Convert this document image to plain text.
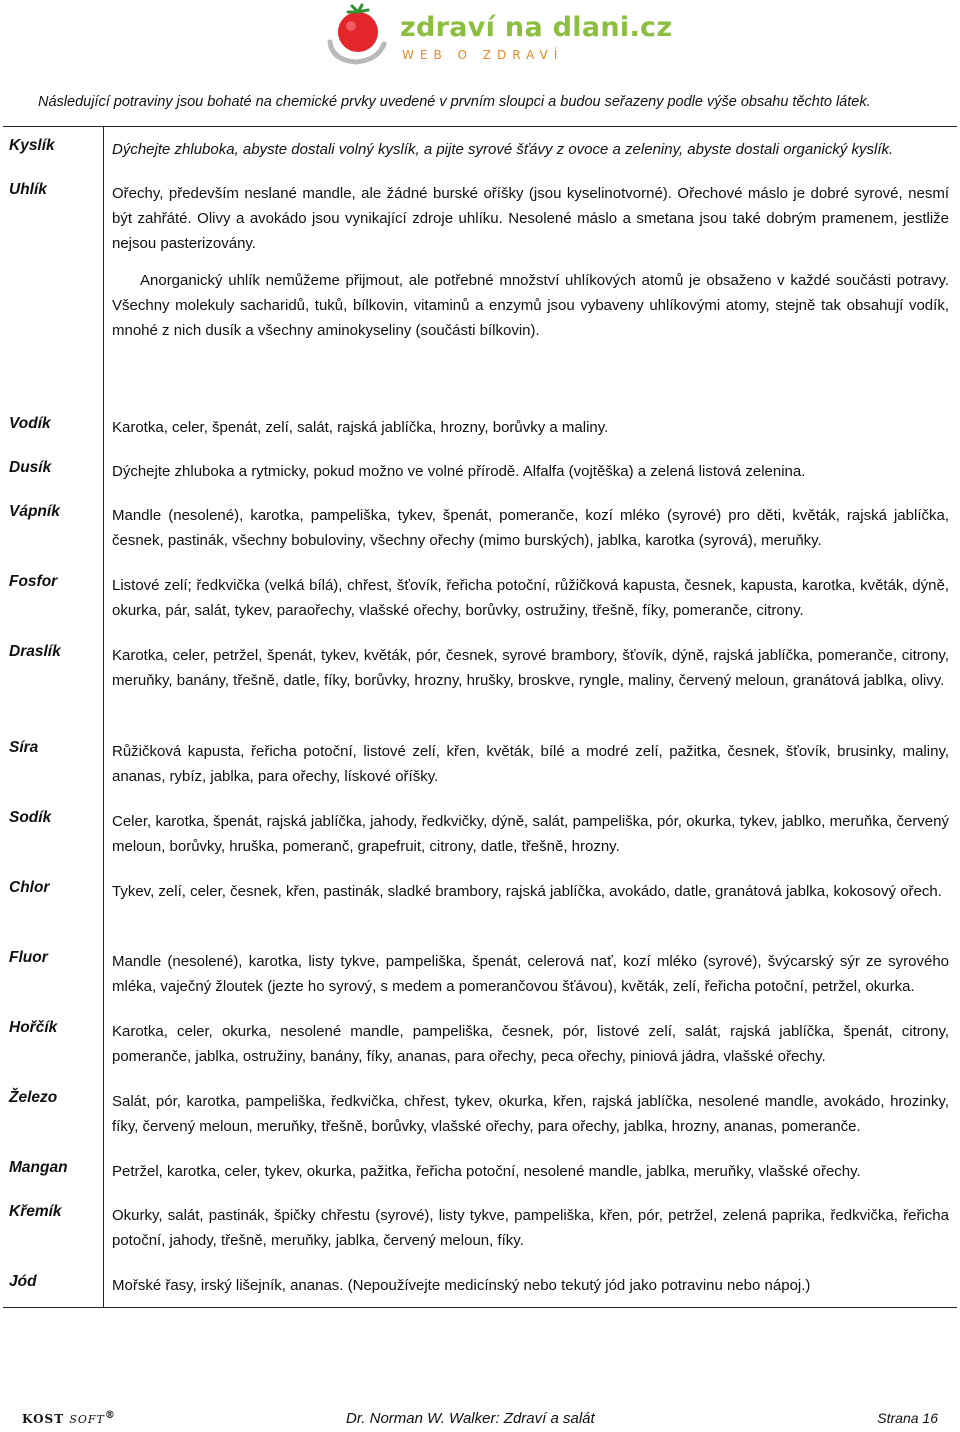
zdraví na dlani.cz
WEB O ZDRAVÍ
Následující potraviny jsou bohaté na chemické prvky uvedené v prvním sloupci a budou seřazeny podle výše obsahu těchto látek.
Kyslík	Dýchejte zhluboka, abyste dostali volný kyslík, a pijte syrové šťávy z ovoce a zeleniny, abyste dostali organický kyslík.
Uhlík	Ořechy, především neslané mandle, ale žádné burské oříšky (jsou kyselinotvorné). Ořechové máslo je dobré syrové, nesmí být zahřáté. Olivy a avokádo jsou vynikající zdroje uhlíku. Nesolené máslo a smetana jsou také dobrým pramenem, jestliže nejsou pasterizovány.

Anorganický uhlík nemůžeme přijmout, ale potřebné množství uhlíkových atomů je obsaženo v každé součásti potravy. Všechny molekuly sacharidů, tuků, bílkovin, vitaminů a enzymů jsou vybaveny uhlíkovými atomy, stejně tak obsahují vodík, mnohé z nich dusík a všechny aminokyseliny (součásti bílkovin).

Vodík	Karotka, celer, špenát, zelí, salát, rajská jablíčka, hrozny, borůvky a maliny.
Dusík	Dýchejte zhluboka a rytmicky, pokud možno ve volné přírodě. Alfalfa (vojtěška) a zelená listová zelenina.
Vápník	Mandle (nesolené), karotka, pampeliška, tykev, špenát, pomeranče, kozí mléko (syrové) pro děti, květák, rajská jablíčka, česnek, pastinák, všechny bobuloviny, všechny ořechy (mimo burských), jablka, karotka (syrová), meruňky.
Fosfor	Listové zelí; ředkvička (velká bílá), chřest, šťovík, řeřicha potoční, růžičková kapusta, česnek, kapusta, karotka, květák, dýně, okurka, pár, salát, tykev, paraořechy, vlašské ořechy, borůvky, ostružiny, třešně, fíky, pomeranče, citrony.
Draslík	Karotka, celer, petržel, špenát, tykev, květák, pór, česnek, syrové brambory, šťovík, dýně, rajská jablíčka, pomeranče, citrony, meruňky, banány, třešně, datle, fíky, borůvky, hrozny, hrušky, broskve, ryngle, maliny, červený meloun, granátová jablka, olivy.
Síra	Růžičková kapusta, řeřicha potoční, listové zelí, křen, květák, bílé a modré zelí, pažitka, česnek, šťovík, brusinky, maliny, ananas, rybíz, jablka, para ořechy, lískové oříšky.
Sodík	Celer, karotka, špenát, rajská jablíčka, jahody, ředkvičky, dýně, salát, pampeliška, pór, okurka, tykev, jablko, meruňka, červený meloun, borůvky, hruška, pomeranč, grapefruit, citrony, datle, třešně, hrozny.
Chlor	Tykev, zelí, celer, česnek, křen, pastinák, sladké brambory, rajská jablíčka, avokádo, datle, granátová jablka, kokosový ořech.
Fluor	Mandle (nesolené), karotka, listy tykve, pampeliška, špenát, celerová nať, kozí mléko (syrové), švýcarský sýr ze syrového mléka, vaječný žloutek (jezte ho syrový, s medem a pomerančovou šťávou), květák, zelí, řeřicha potoční, petržel, okurka.
Hořčík	Karotka, celer, okurka, nesolené mandle, pampeliška, česnek, pór, listové zelí, salát, rajská jablíčka, špenát, citrony, pomeranče, jablka, ostružiny, banány, fíky, ananas, para ořechy, peca ořechy, piniová jádra, vlašské ořechy.
Železo	Salát, pór, karotka, pampeliška, ředkvička, chřest, tykev, okurka, křen, rajská jablíčka, nesolené mandle, avokádo, hrozinky, fíky, červený meloun, meruňky, třešně, borůvky, vlašské ořechy, para ořechy, jablka, hrozny, ananas, pomeranče.
Mangan	Petržel, karotka, celer, tykev, okurka, pažitka, řeřicha potoční, nesolené mandle, jablka, meruňky, vlašské ořechy.
Křemík	Okurky, salát, pastinák, špičky chřestu (syrové), listy tykve, pampeliška, křen, pór, petržel, zelená paprika, ředkvička, řeřicha potoční, jahody, třešně, meruňky, jablka, červený meloun, fíky.
Jód	Mořské řasy, irský lišejník, ananas. (Nepoužívejte medicínský nebo tekutý jód jako potravinu nebo nápoj.)
KOST SOFT®	Dr. Norman W. Walker: Zdraví a salát	Strana 16
